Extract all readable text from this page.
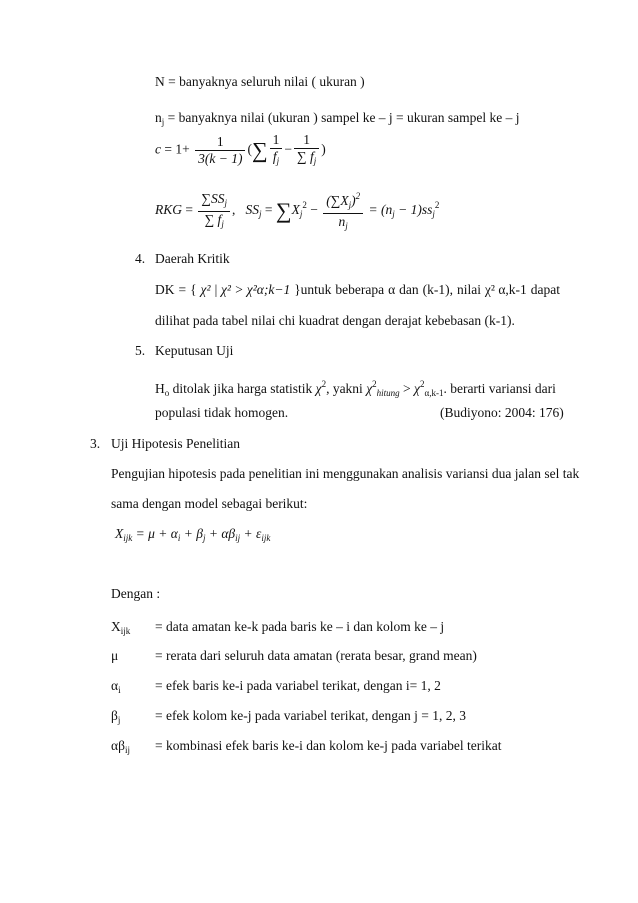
N = banyaknya seluruh nilai ( ukuran )
$n_j$ = banyaknya nilai (ukuran ) sampel ke – j = ukuran sampel ke – j
$c = 1+ \frac{1}{3(k - 1)}$ (∑ $\frac{1}{f_j} - \frac{1}{\sum f_j}$ )
RKG = $\frac{\sum SS_j}{\sum f_j}$ , $SS_j = \sum X_j^2 - \frac{(\sum X_j)^2}{n_j} = (n_j - 1)ss_j^2$
4. Daerah Kritik
DK = { χ² | χ² > χ²α;k−1 }untuk beberapa α dan (k-1), nilai χ² α,k-1 dapat
dilihat pada tabel nilai chi kuadrat dengan derajat kebebasan (k-1).
5. Keputusan Uji
$H_o$ ditolak jika harga statistik $\chi^2$, yakni $\chi^2_{hitung} > \chi^2_{\alpha,k-1}$. berarti variansi dari
populasi tidak homogen.	(Budiyono: 2004: 176)
3. Uji Hipotesis Penelitian
Pengujian hipotesis pada penelitian ini menggunakan analisis variansi dua jalan sel tak
sama dengan model sebagai berikut:
$X_{ijk} = \mu + \alpha_i + \beta_j + \alpha\beta_{ij} + \varepsilon_{ijk}$
Dengan :
$X_{ijk}$ = data amatan ke-k pada baris ke – i dan kolom ke – j
μ	= rerata dari seluruh data amatan (rerata besar, grand mean)
$\alpha_i$	= efek baris ke-i pada variabel terikat, dengan i= 1, 2
$\beta_j$	= efek kolom ke-j pada variabel terikat, dengan j = 1, 2, 3
$\alpha\beta_{ij}$ = kombinasi efek baris ke-i dan kolom ke-j pada variabel terikat
